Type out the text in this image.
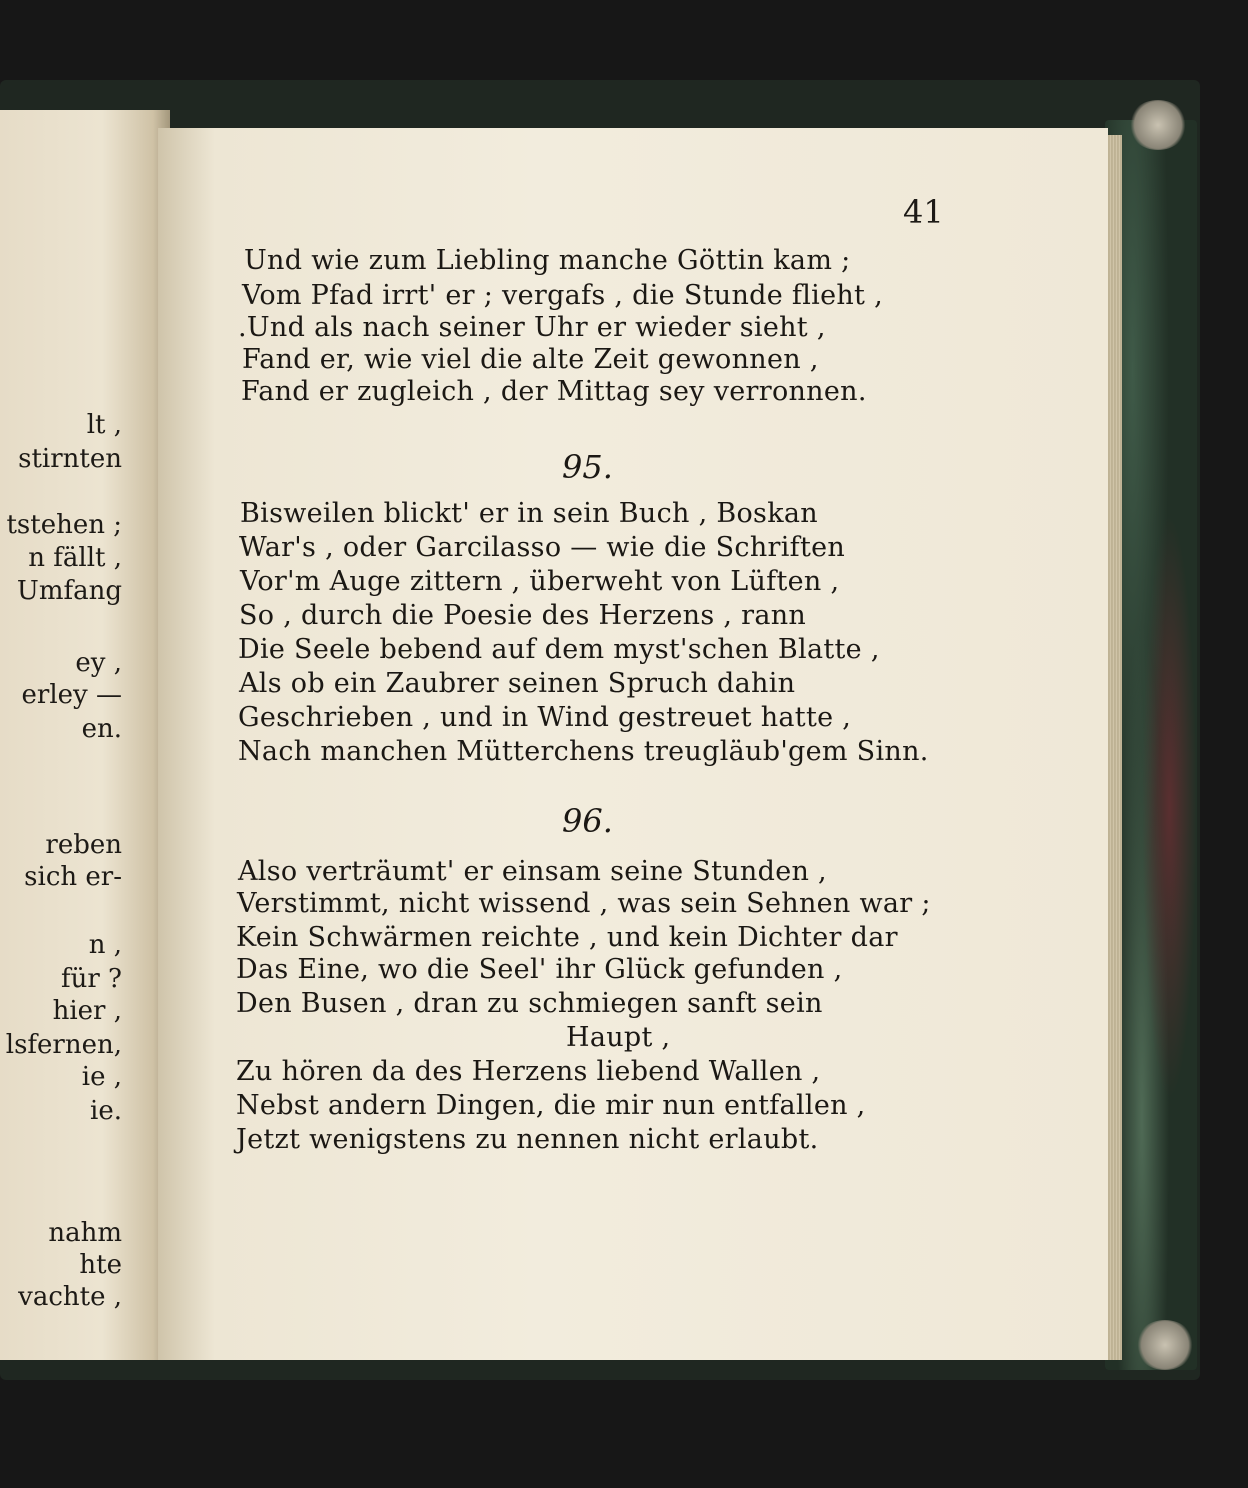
lt ,
stirnten
tstehen ;
n fällt ,
Umfang
ey ,
erley —
en.
reben
sich er-
n ,
für ?
hier ,
lsfernen,
ie ,
ie.
nahm
hte
vachte ,
41
Und wie zum Liebling manche Göttin kam ;
Vom Pfad irrt' er ; vergafs , die Stunde flieht ,
.Und als nach seiner Uhr er wieder sieht ,
Fand er, wie viel die alte Zeit gewonnen ,
Fand er zugleich , der Mittag sey verronnen.
95.
Bisweilen blickt' er in sein Buch , Boskan
War's , oder Garcilasso — wie die Schriften
Vor'm Auge zittern , überweht von Lüften ,
So , durch die Poesie des Herzens , rann
Die Seele bebend auf dem myst'schen Blatte ,
Als ob ein Zaubrer seinen Spruch dahin
Geschrieben , und in Wind gestreuet hatte ,
Nach manchen Mütterchens treugläub'gem Sinn.
96.
Also verträumt' er einsam seine Stunden ,
Verstimmt, nicht wissend , was sein Sehnen war ;
Kein Schwärmen reichte , und kein Dichter dar
Das Eine, wo die Seel' ihr Glück gefunden ,
Den Busen , dran zu schmiegen sanft sein
Haupt ,
Zu hören da des Herzens liebend Wallen ,
Nebst andern Dingen, die mir nun entfallen ,
Jetzt wenigstens zu nennen nicht erlaubt.
